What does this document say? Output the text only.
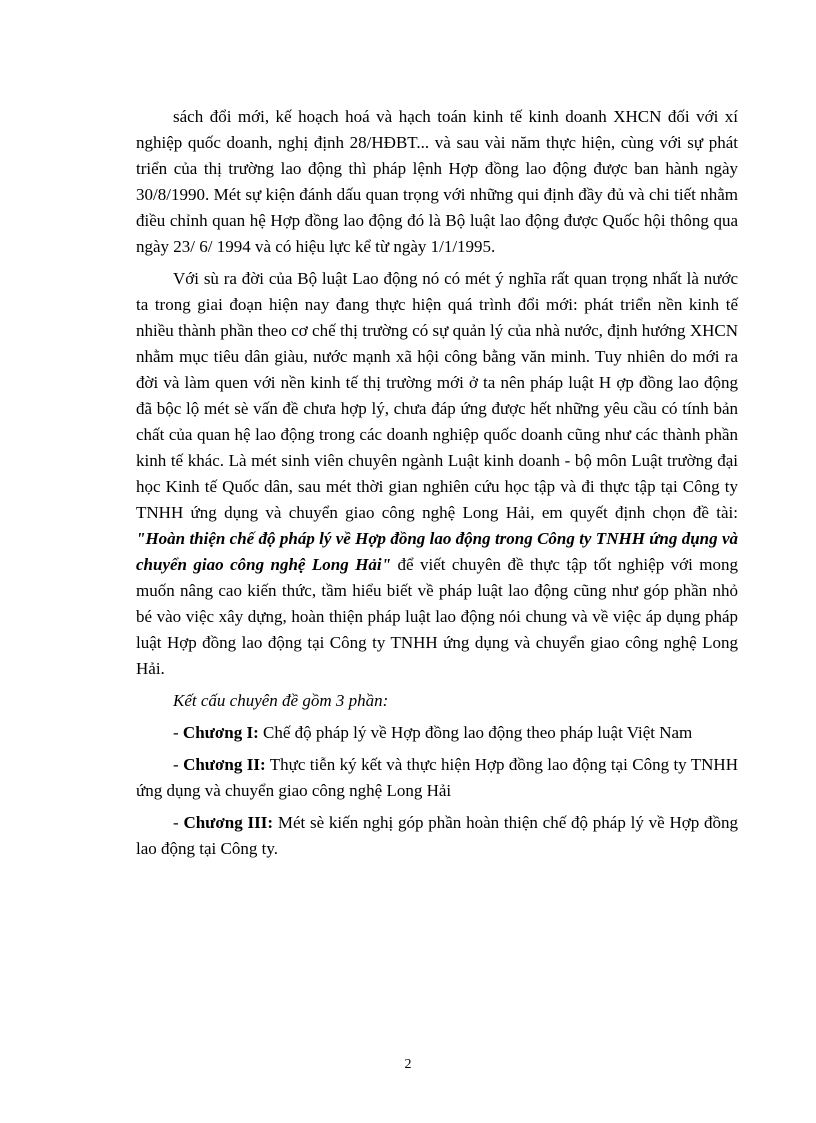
sách đổi mới, kế hoạch hoá và hạch toán kinh tế kinh doanh XHCN đối với xí nghiệp quốc doanh, nghị định 28/HĐBT... và sau vài năm thực hiện, cùng với sự phát triển của thị trường lao động thì pháp lệnh Hợp đồng lao động được ban hành ngày 30/8/1990. Mét sự kiện đánh dấu quan trọng với những qui định đầy đủ và chi tiết nhằm điều chỉnh quan hệ Hợp đồng lao động đó là Bộ luật lao động được Quốc hội thông qua ngày 23/ 6/ 1994 và có hiệu lực kể từ ngày 1/1/1995.

Với sù ra đời của Bộ luật Lao động nó có mét ý nghĩa rất quan trọng nhất là nước ta trong giai đoạn hiện nay đang thực hiện quá trình đổi mới: phát triển nền kinh tế nhiều thành phần theo cơ chế thị trường có sự quản lý của nhà nước, định hướng XHCN nhằm mục tiêu dân giàu, nước mạnh xã hội công bằng văn minh. Tuy nhiên do mới ra đời và làm quen với nền kinh tế thị trường mới ở ta nên pháp luật H ợp đồng lao động đã bộc lộ mét sè vấn đề chưa hợp lý, chưa đáp ứng được hết những yêu cầu có tính bản chất của quan hệ lao động trong các doanh nghiệp quốc doanh cũng như các thành phần kinh tế khác. Là mét sinh viên chuyên ngành Luật kinh doanh - bộ môn Luật trường đại học Kinh tế Quốc dân, sau mét thời gian nghiên cứu học tập và đi thực tập tại Công ty TNHH ứng dụng và chuyển giao công nghệ Long Hải, em quyết định chọn đề tài: "Hoàn thiện chế độ pháp lý về Hợp đồng lao động trong Công ty TNHH ứng dụng và chuyển giao công nghệ Long Hải" để viết chuyên đề thực tập tốt nghiệp với mong muốn nâng cao kiến thức, tầm hiểu biết về pháp luật lao động cũng như góp phần nhỏ bé vào việc xây dựng, hoàn thiện pháp luật lao động nói chung và về việc áp dụng pháp luật Hợp đồng lao động tại Công ty TNHH ứng dụng và chuyển giao công nghệ Long Hải.

Kết cấu chuyên đề gồm 3 phần:

- Chương I: Chế độ pháp lý về Hợp đồng lao động theo pháp luật Việt Nam

- Chương II: Thực tiễn ký kết và thực hiện Hợp đồng lao động tại Công ty TNHH ứng dụng và chuyển giao công nghệ Long Hải

- Chương III: Mét sè kiến nghị góp phần hoàn thiện chế độ pháp lý về Hợp đồng lao động tại Công ty.

2
